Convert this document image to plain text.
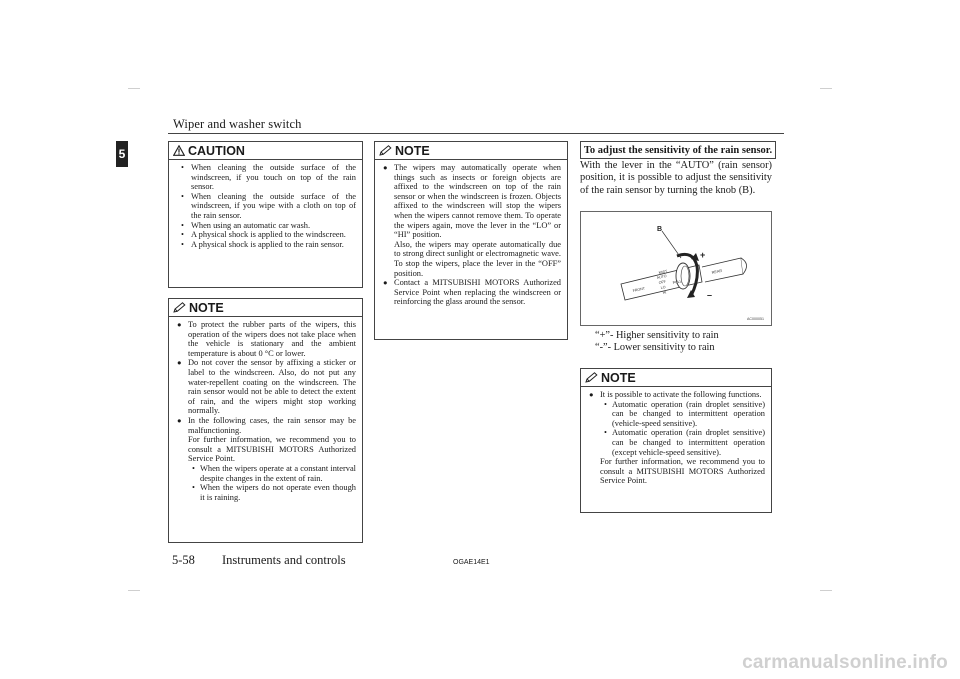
Wiper and washer switch
5	CAUTION
• When cleaning the outside surface of the windscreen, if you touch on top of the rain sensor.
• When cleaning the outside surface of the windscreen, if you wipe with a cloth on top of the rain sensor.
• When using an automatic car wash.
• A physical shock is applied to the windscreen.
• A physical shock is applied to the rain sensor.
NOTE
● To protect the rubber parts of the wipers, this operation of the wipers does not take place when the vehicle is stationary and the ambient temperature is about 0 °C or lower.
● Do not cover the sensor by affixing a sticker or label to the windscreen. Also, do not put any water-repellent coating on the windscreen. The rain sensor would not be able to detect the extent of rain, and the wipers might stop working normally.
● In the following cases, the rain sensor may be malfunctioning.
For further information, we recommend you to consult a MITSUBISHI MOTORS Authorized Service Point.
• When the wipers operate at a constant interval despite changes in the extent of rain.
• When the wipers do not operate even though it is raining.
NOTE
● The wipers may automatically operate when things such as insects or foreign objects are affixed to the windscreen on top of the rain sensor or when the windscreen is frozen. Objects affixed to the windscreen will stop the wipers when the wipers cannot remove them. To operate the wipers again, move the lever in the “LO” or “HI” position.
Also, the wipers may operate automatically due to strong direct sunlight or electromagnetic wave. To stop the wipers, place the lever in the “OFF” position.
● Contact a MITSUBISHI MOTORS Authorized Service Point when replacing the windscreen or reinforcing the glass around the sensor.
To adjust the sensitivity of the rain sensor.
With the lever in the “AUTO” (rain sensor) position, it is possible to adjust the sensitivity of the rain sensor by turning the knob (B).
B
+
–
MIST
AUTO
OFF
LO
HI
FRONT
PULL
REAR
AC000051
“+”- Higher sensitivity to rain
“-”- Lower sensitivity to rain
NOTE
● It is possible to activate the following functions.
• Automatic operation (rain droplet sensitive) can be changed to intermittent operation (vehicle-speed sensitive).
• Automatic operation (rain droplet sensitive) can be changed to intermittent operation (except vehicle-speed sensitive).
For further information, we recommend you to consult a MITSUBISHI MOTORS Authorized Service Point.
5-58 Instruments and controls	OGAE14E1
carmanualsonline.info
